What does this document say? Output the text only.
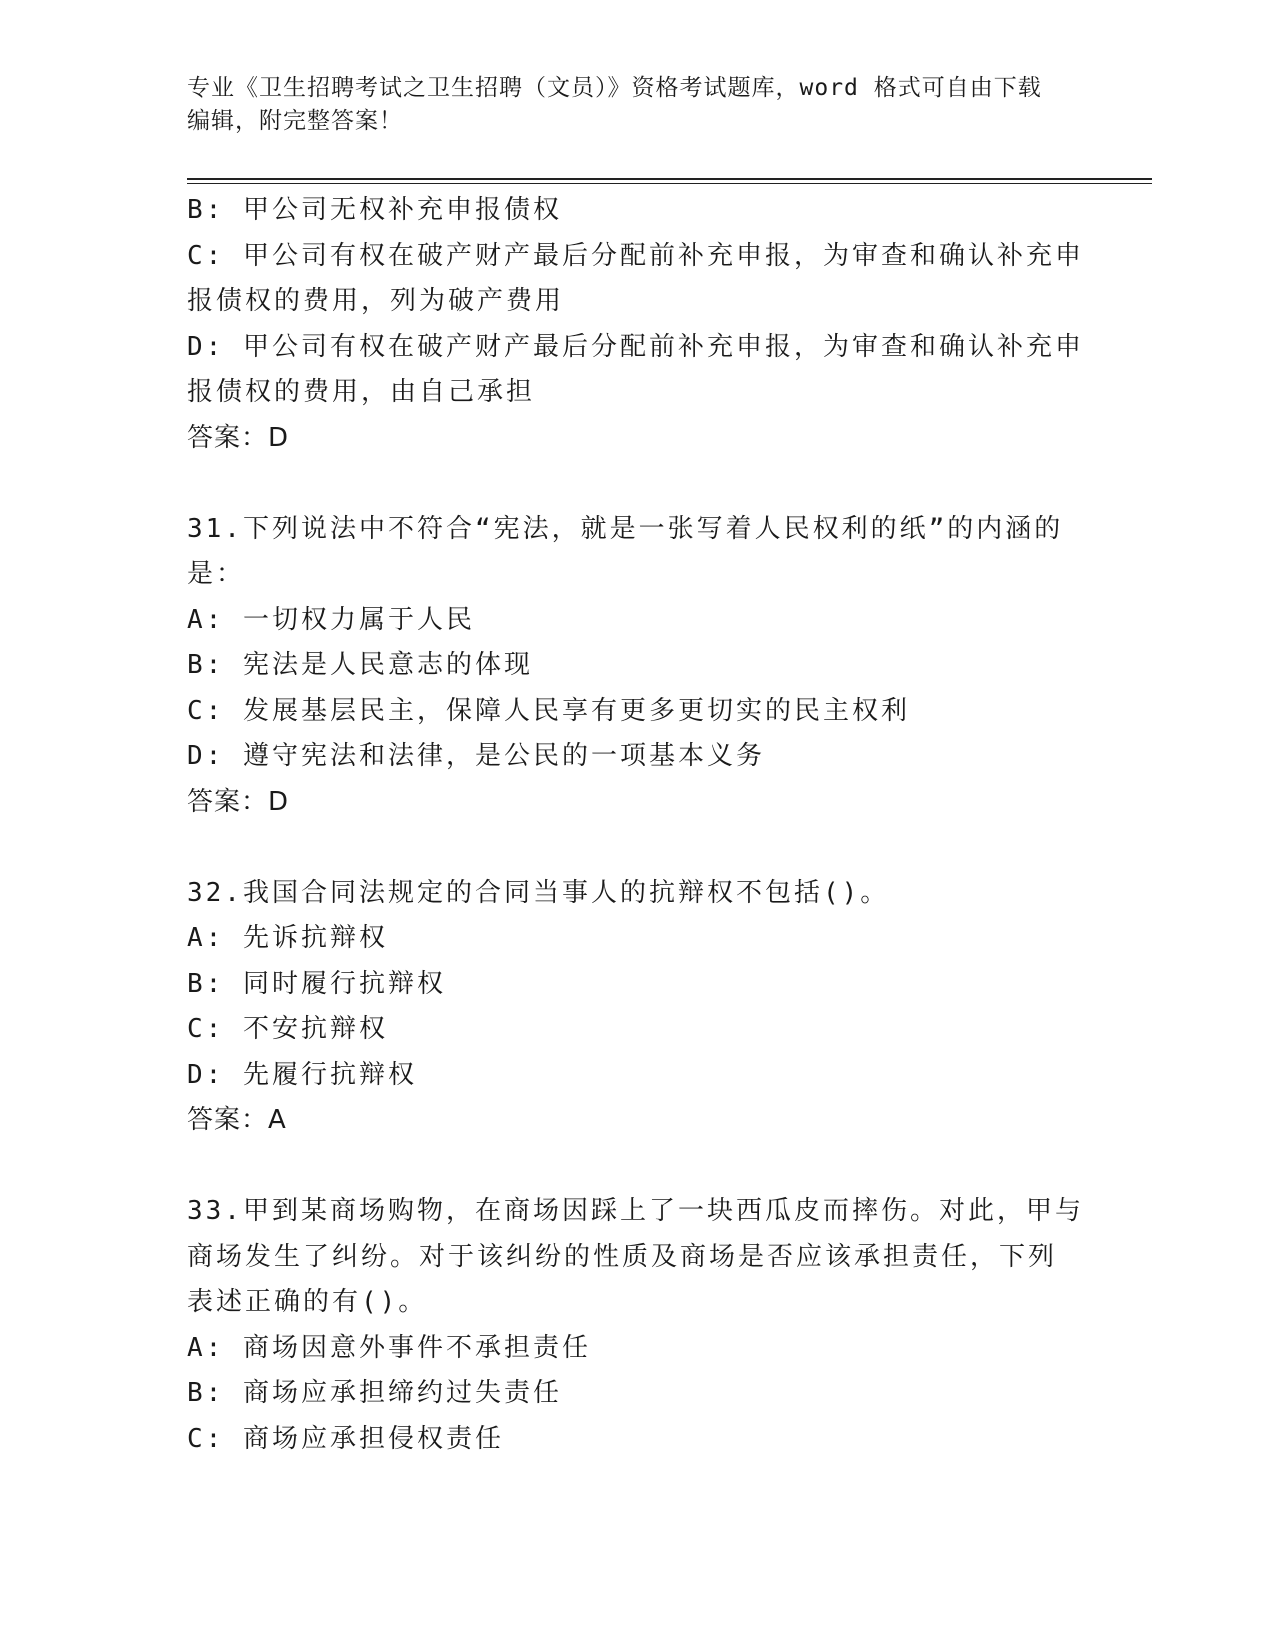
专业《卫生招聘考试之卫生招聘（文员）》资格考试题库，word 格式可自由下载
编辑，附完整答案！
B: 甲公司无权补充申报债权
C: 甲公司有权在破产财产最后分配前补充申报，为审查和确认补充申
报债权的费用，列为破产费用
D: 甲公司有权在破产财产最后分配前补充申报，为审查和确认补充申
报债权的费用，由自己承担
答案：D
31.下列说法中不符合“宪法，就是一张写着人民权利的纸”的内涵的
是：
A: 一切权力属于人民
B: 宪法是人民意志的体现
C: 发展基层民主，保障人民享有更多更切实的民主权利
D: 遵守宪法和法律，是公民的一项基本义务
答案：D
32.我国合同法规定的合同当事人的抗辩权不包括()。
A: 先诉抗辩权
B: 同时履行抗辩权
C: 不安抗辩权
D: 先履行抗辩权
答案：A
33.甲到某商场购物，在商场因踩上了一块西瓜皮而摔伤。对此，甲与
商场发生了纠纷。对于该纠纷的性质及商场是否应该承担责任，下列
表述正确的有()。
A: 商场因意外事件不承担责任
B: 商场应承担缔约过失责任
C: 商场应承担侵权责任
